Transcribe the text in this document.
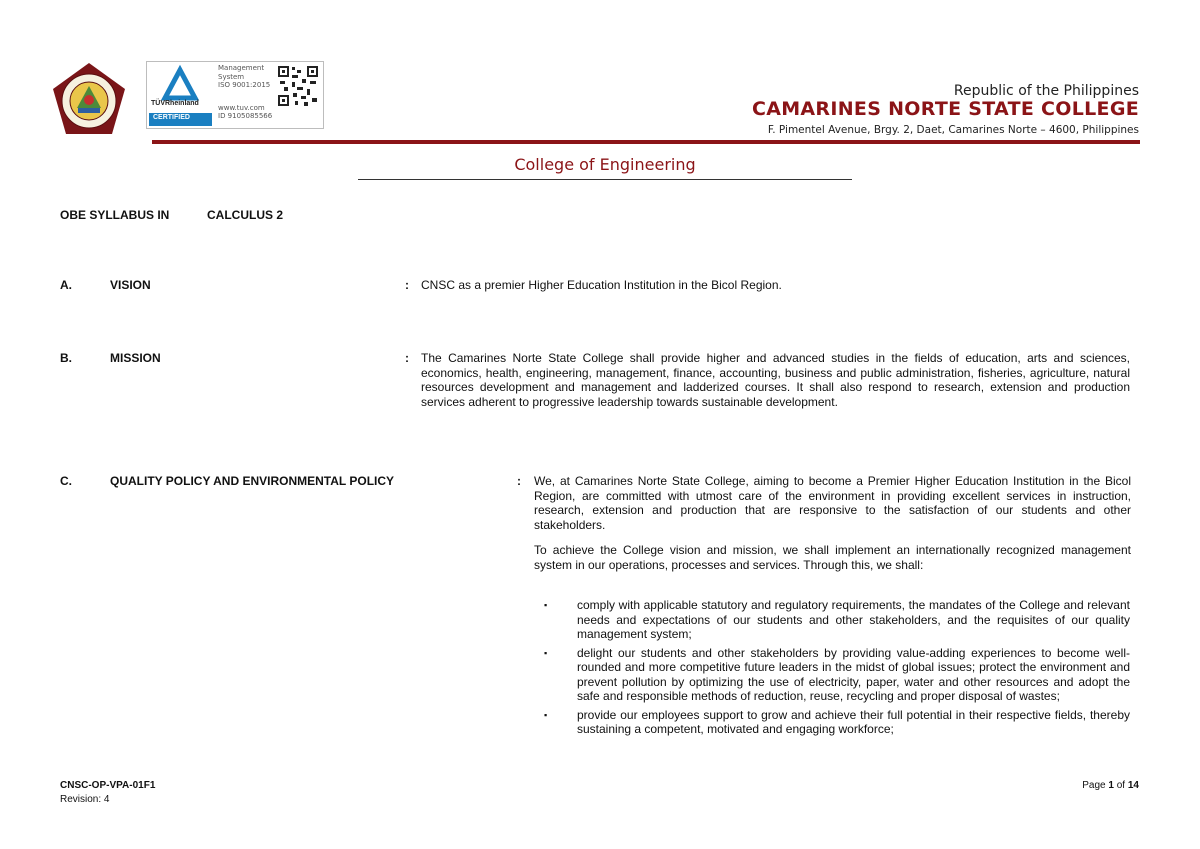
TÜVRheinland
CERTIFIED
Management
System
ISO 9001:2015
www.tuv.com
ID 9105085566
Republic of the Philippines
CAMARINES NORTE STATE COLLEGE
F. Pimentel Avenue, Brgy. 2, Daet, Camarines Norte – 4600, Philippines
College of Engineering
OBE SYLLABUS IN	CALCULUS 2
A.	VISION	: CNSC as a premier Higher Education Institution in the Bicol Region.
B.	MISSION	: The Camarines Norte State College shall provide higher and advanced studies in the fields of education, arts and sciences, economics, health, engineering, management, finance, accounting, business and public administration, fisheries, agriculture, natural resources development and management and ladderized courses. It shall also respond to research, extension and production services adherent to progressive leadership towards sustainable development.
C.	QUALITY POLICY AND ENVIRONMENTAL POLICY	: We, at Camarines Norte State College, aiming to become a Premier Higher Education Institution in the Bicol Region, are committed with utmost care of the environment in providing excellent services in instruction, research, extension and production that are responsive to the satisfaction of our students and other stakeholders.
To achieve the College vision and mission, we shall implement an internationally recognized management system in our operations, processes and services. Through this, we shall:
▪ comply with applicable statutory and regulatory requirements, the mandates of the College and relevant needs and expectations of our students and other stakeholders, and the requisites of our quality management system;
▪ delight our students and other stakeholders by providing value-adding experiences to become well-rounded and more competitive future leaders in the midst of global issues; protect the environment and prevent pollution by optimizing the use of electricity, paper, water and other resources and adopt the safe and responsible methods of reduction, reuse, recycling and proper disposal of wastes;
▪ provide our employees support to grow and achieve their full potential in their respective fields, thereby sustaining a competent, motivated and engaging workforce;
CNSC-OP-VPA-01F1
Revision: 4
Page 1 of 14
